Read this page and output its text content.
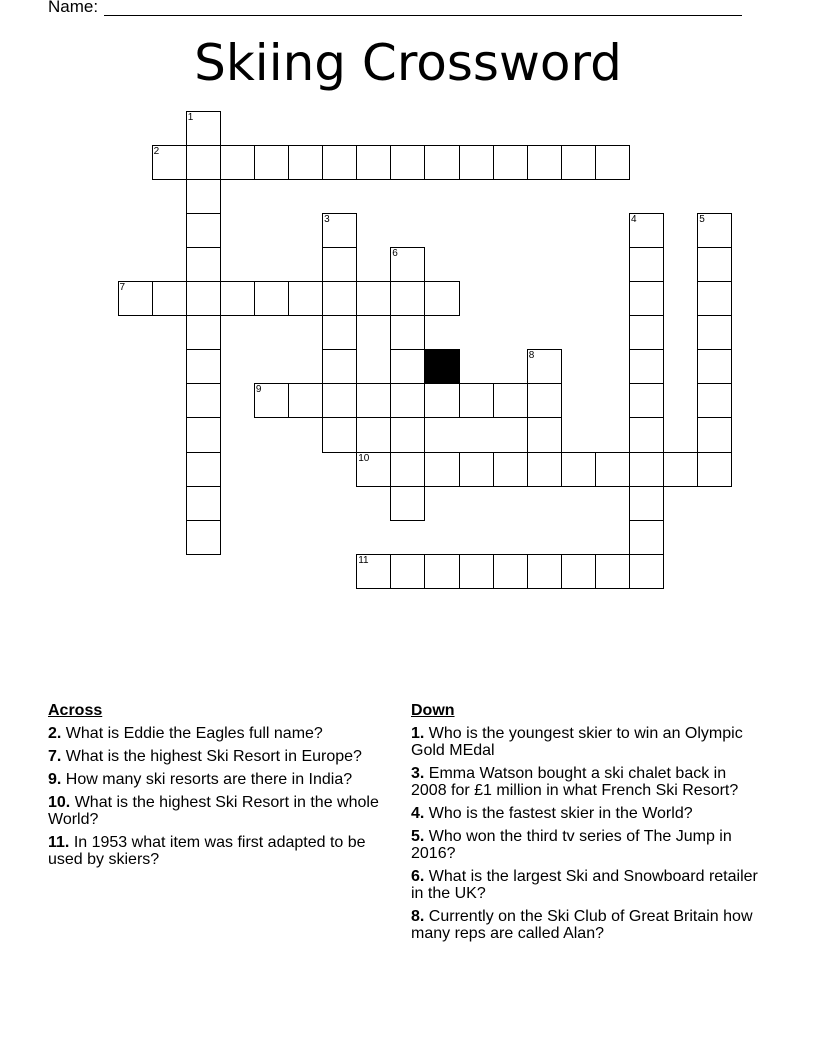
Name:
Skiing Crossword
1
2
3	4	5
6
7
8
9
10
11
Across
2. What is Eddie the Eagles full name?
7. What is the highest Ski Resort in Europe?
9. How many ski resorts are there in India?
10. What is the highest Ski Resort in the whole World?
11. In 1953 what item was first adapted to be used by skiers?
Down
1. Who is the youngest skier to win an Olympic Gold MEdal
3. Emma Watson bought a ski chalet back in 2008 for £1 million in what French Ski Resort?
4. Who is the fastest skier in the World?
5. Who won the third tv series of The Jump in 2016?
6. What is the largest Ski and Snowboard retailer in the UK?
8. Currently on the Ski Club of Great Britain how many reps are called Alan?
